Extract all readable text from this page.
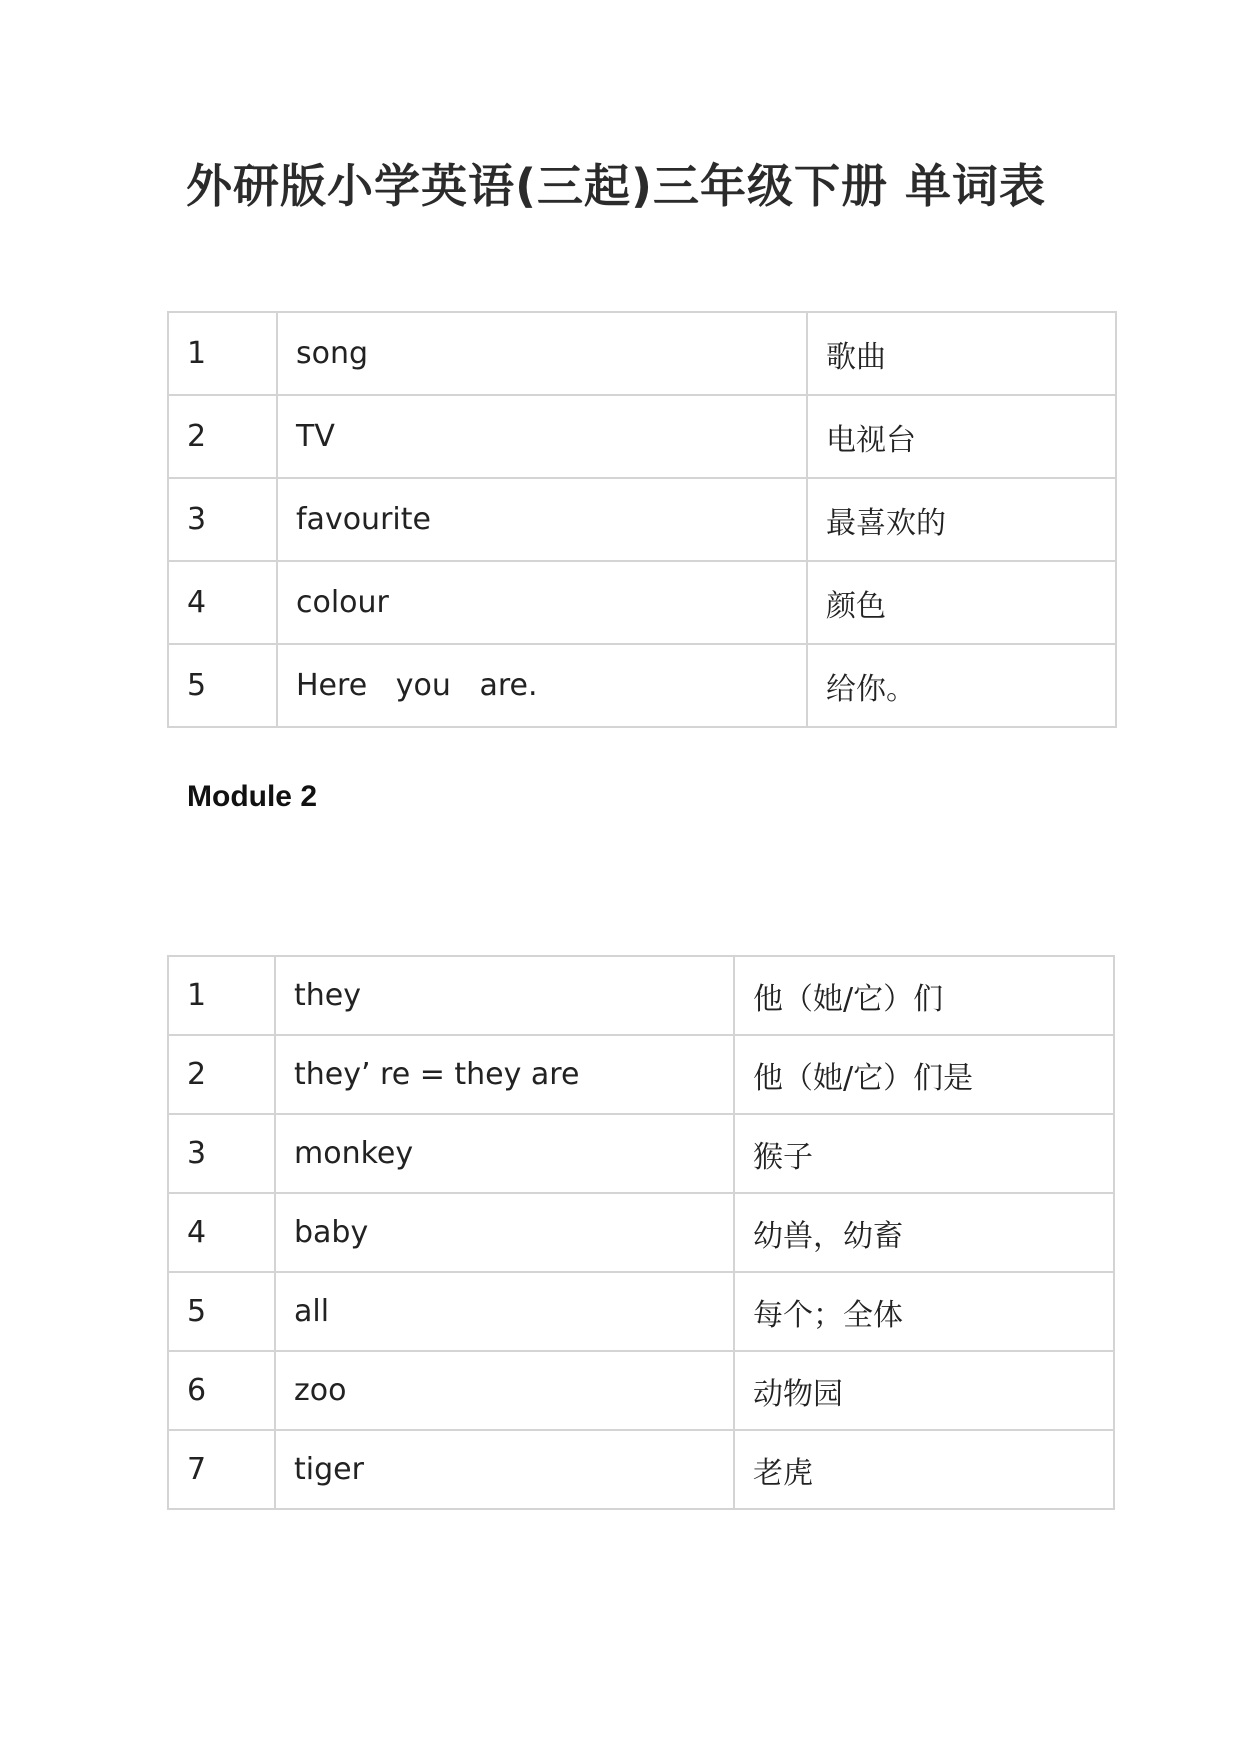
外研版小学英语(三起)三年级下册 单词表
1	song	歌曲
2	TV	电视台
3	favourite	最喜欢的
4	colour	颜色
5	Here   you   are.	给你。
Module 2
1	they	他（她/它）们
2	they’ re = they are	他（她/它）们是
3	monkey	猴子
4	baby	幼兽，幼畜
5	all	每个；全体
6	zoo	动物园
7	tiger	老虎
